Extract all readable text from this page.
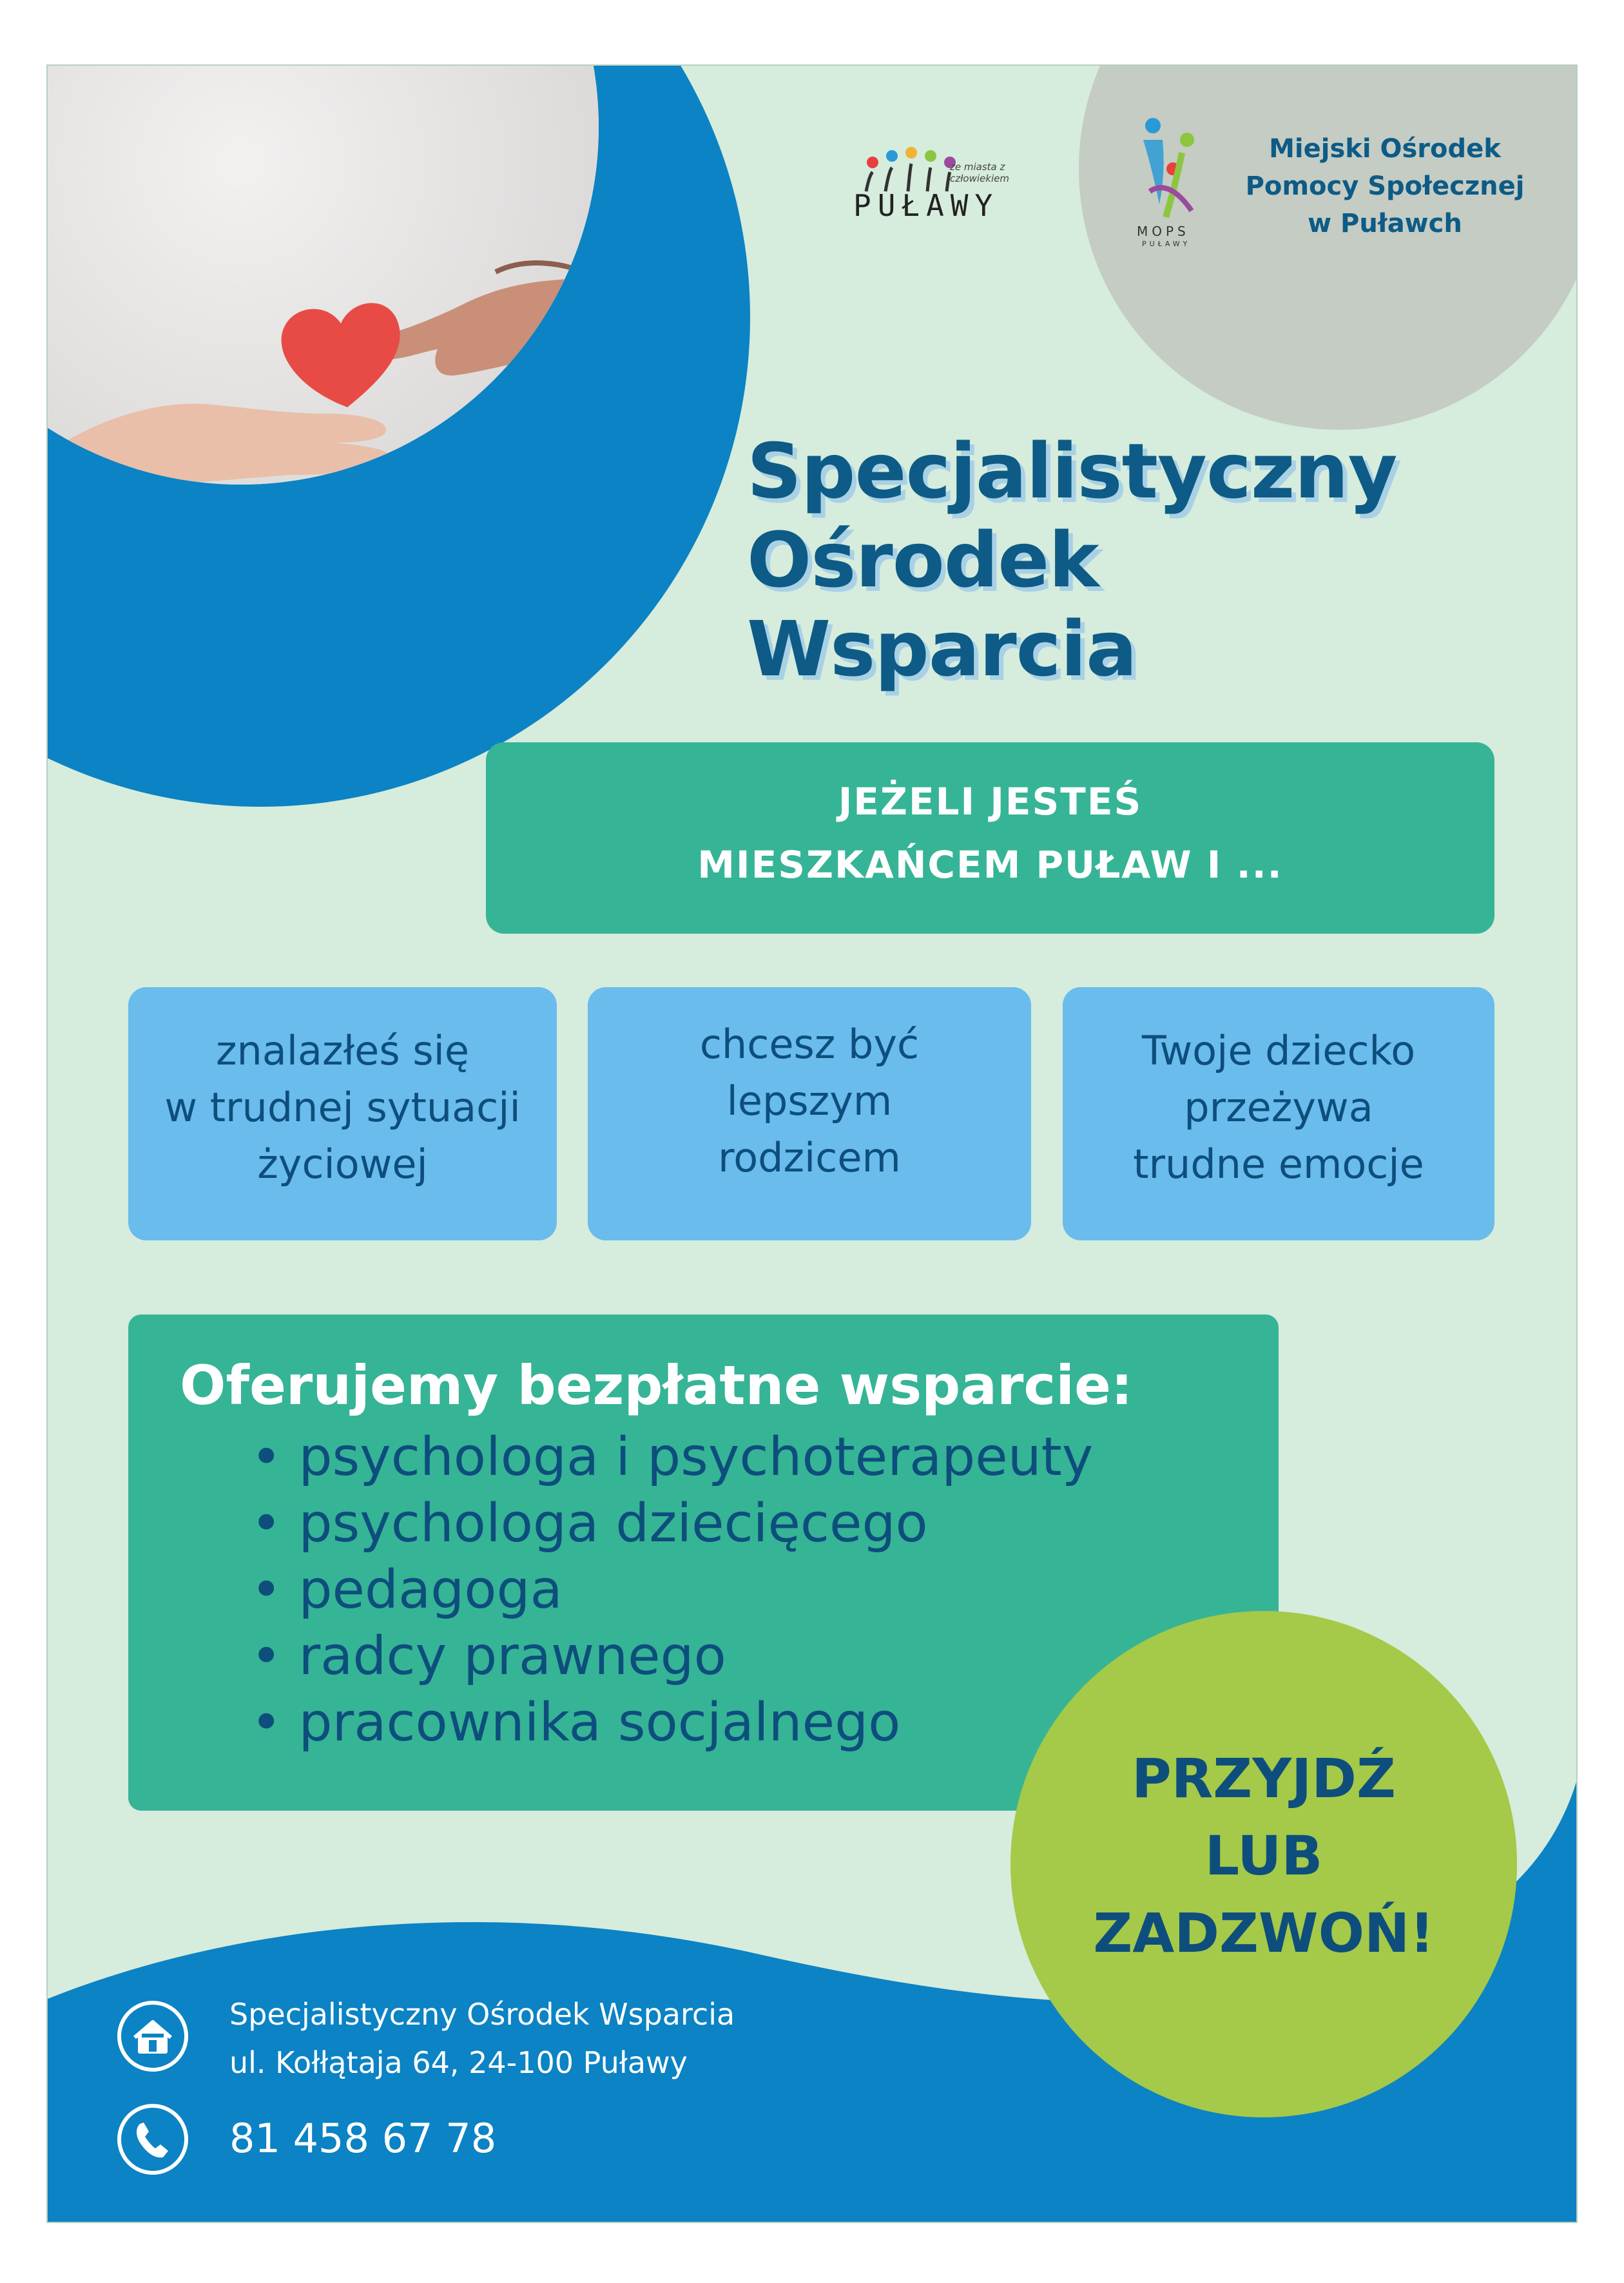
PUŁAWY
ze miasta z człowiekiem
MOPS
PUŁAWY
Miejski Ośrodek
Pomocy Społecznej
w Puławch
Specjalistyczny
Ośrodek
Wsparcia
JEŻELI JESTEŚ
MIESZKAŃCEM PUŁAW I ...
znalazłeś się
w trudnej sytuacji
życiowej
chcesz być
lepszym
rodzicem
Twoje dziecko
przeżywa
trudne emocje
Oferujemy bezpłatne wsparcie:
• psychologa i psychoterapeuty
• psychologa dziecięcego
• pedagoga
• radcy prawnego
• pracownika socjalnego
PRZYJDŹ
LUB
ZADZWOŃ!
Specjalistyczny Ośrodek Wsparcia
ul. Kołłątaja 64, 24-100 Puławy
81 458 67 78
